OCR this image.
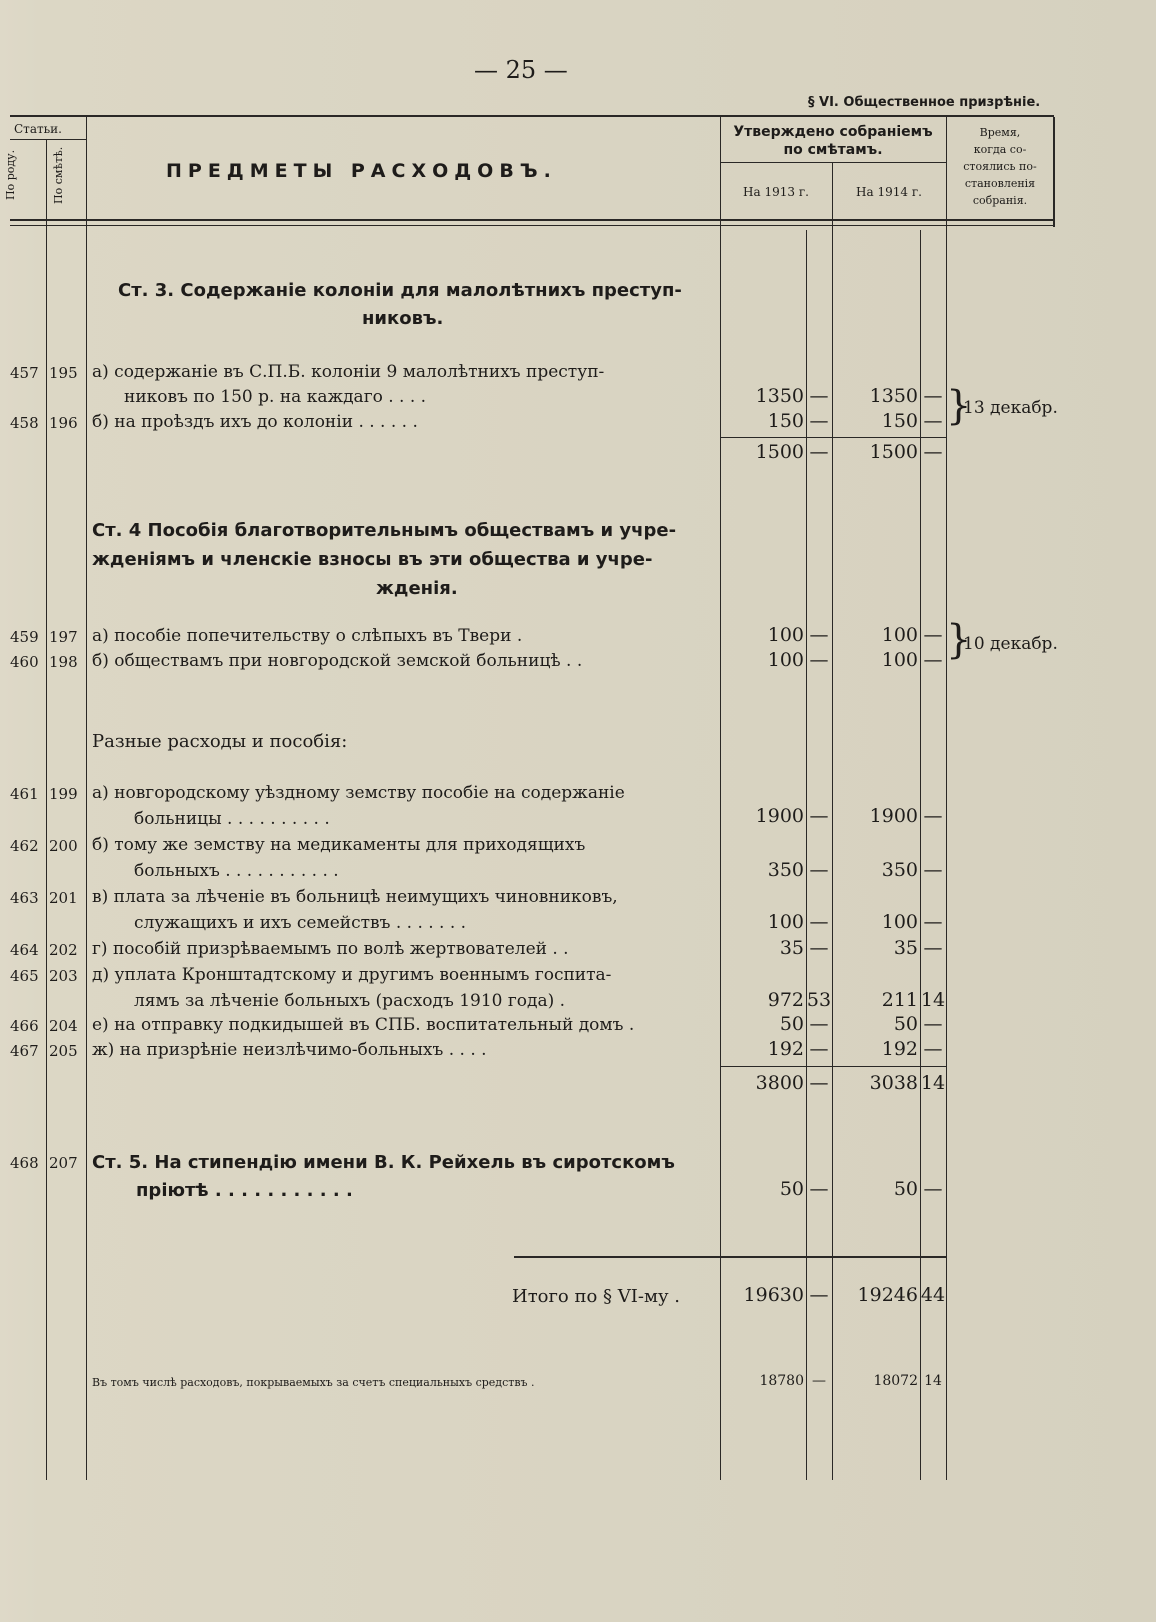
— 25 —
§ VI. Общественное призрѣніе.
Статьи.
По роду.	По смѣтѣ.	ПРЕДМЕТЫ РАСХОДОВЪ.
Утверждено собраніемъ
по смѣтамъ.
На 1913 г.	На 1914 г.
Время,
когда со-
стоялись по-
становленія
собранія.
Ст. 3. Содержаніе колоніи для малолѣтнихъ преступ-
никовъ.
457 195 а) содержаніе въ С.П.Б. колоніи 9 малолѣтнихъ преступ-
никовъ по 150 р. на каждаго . . . .	1350 —	1350 —
458 196 б) на проѣздъ ихъ до колоніи . . . . . .	150 —	150 — }
13 декабр.
1500 —	1500 —
Ст. 4 Пособія благотворительнымъ обществамъ и учре-
жденіямъ и членскіе взносы въ эти общества и учре-
жденія.
459 197 а) пособіе попечительству о слѣпыхъ въ Твери .	100 —	100 —
460 198 б) обществамъ при новгородской земской больницѣ . .	100 —	100 — }
10 декабр.
Разные расходы и пособія:
461 199 а) новгородскому уѣздному земству пособіе на содержаніе
больницы . . . . . . . . . .	1900 —	1900 —
462 200 б) тому же земству на медикаменты для приходящихъ
больныхъ . . . . . . . . . . .	350 —	350 —
463 201 в) плата за лѣченіе въ больницѣ неимущихъ чиновниковъ,
служащихъ и ихъ семействъ . . . . . . .	100 —	100 —
464 202 г) пособій призрѣваемымъ по волѣ жертвователей . .	35 —	35 —
465 203 д) уплата Кронштадтскому и другимъ военнымъ госпита-
лямъ за лѣченіе больныхъ (расходъ 1910 года) .	972 53	211 14
466 204 е) на отправку подкидышей въ СПБ. воспитательный домъ .	50 —	50 —
467 205 ж) на призрѣніе неизлѣчимо-больныхъ . . . .	192 —	192 —
3800 —	3038 14
468 207 Ст. 5. На стипендію имени В. К. Рейхель въ сиротскомъ
пріютѣ . . . . . . . . . . .	50 —	50 —
Итого по § VI-му .	19630 —	19246 44
Въ томъ числѣ расходовъ, покрываемыхъ за счетъ специальныхъ средствъ .	18780 —	18072 14
